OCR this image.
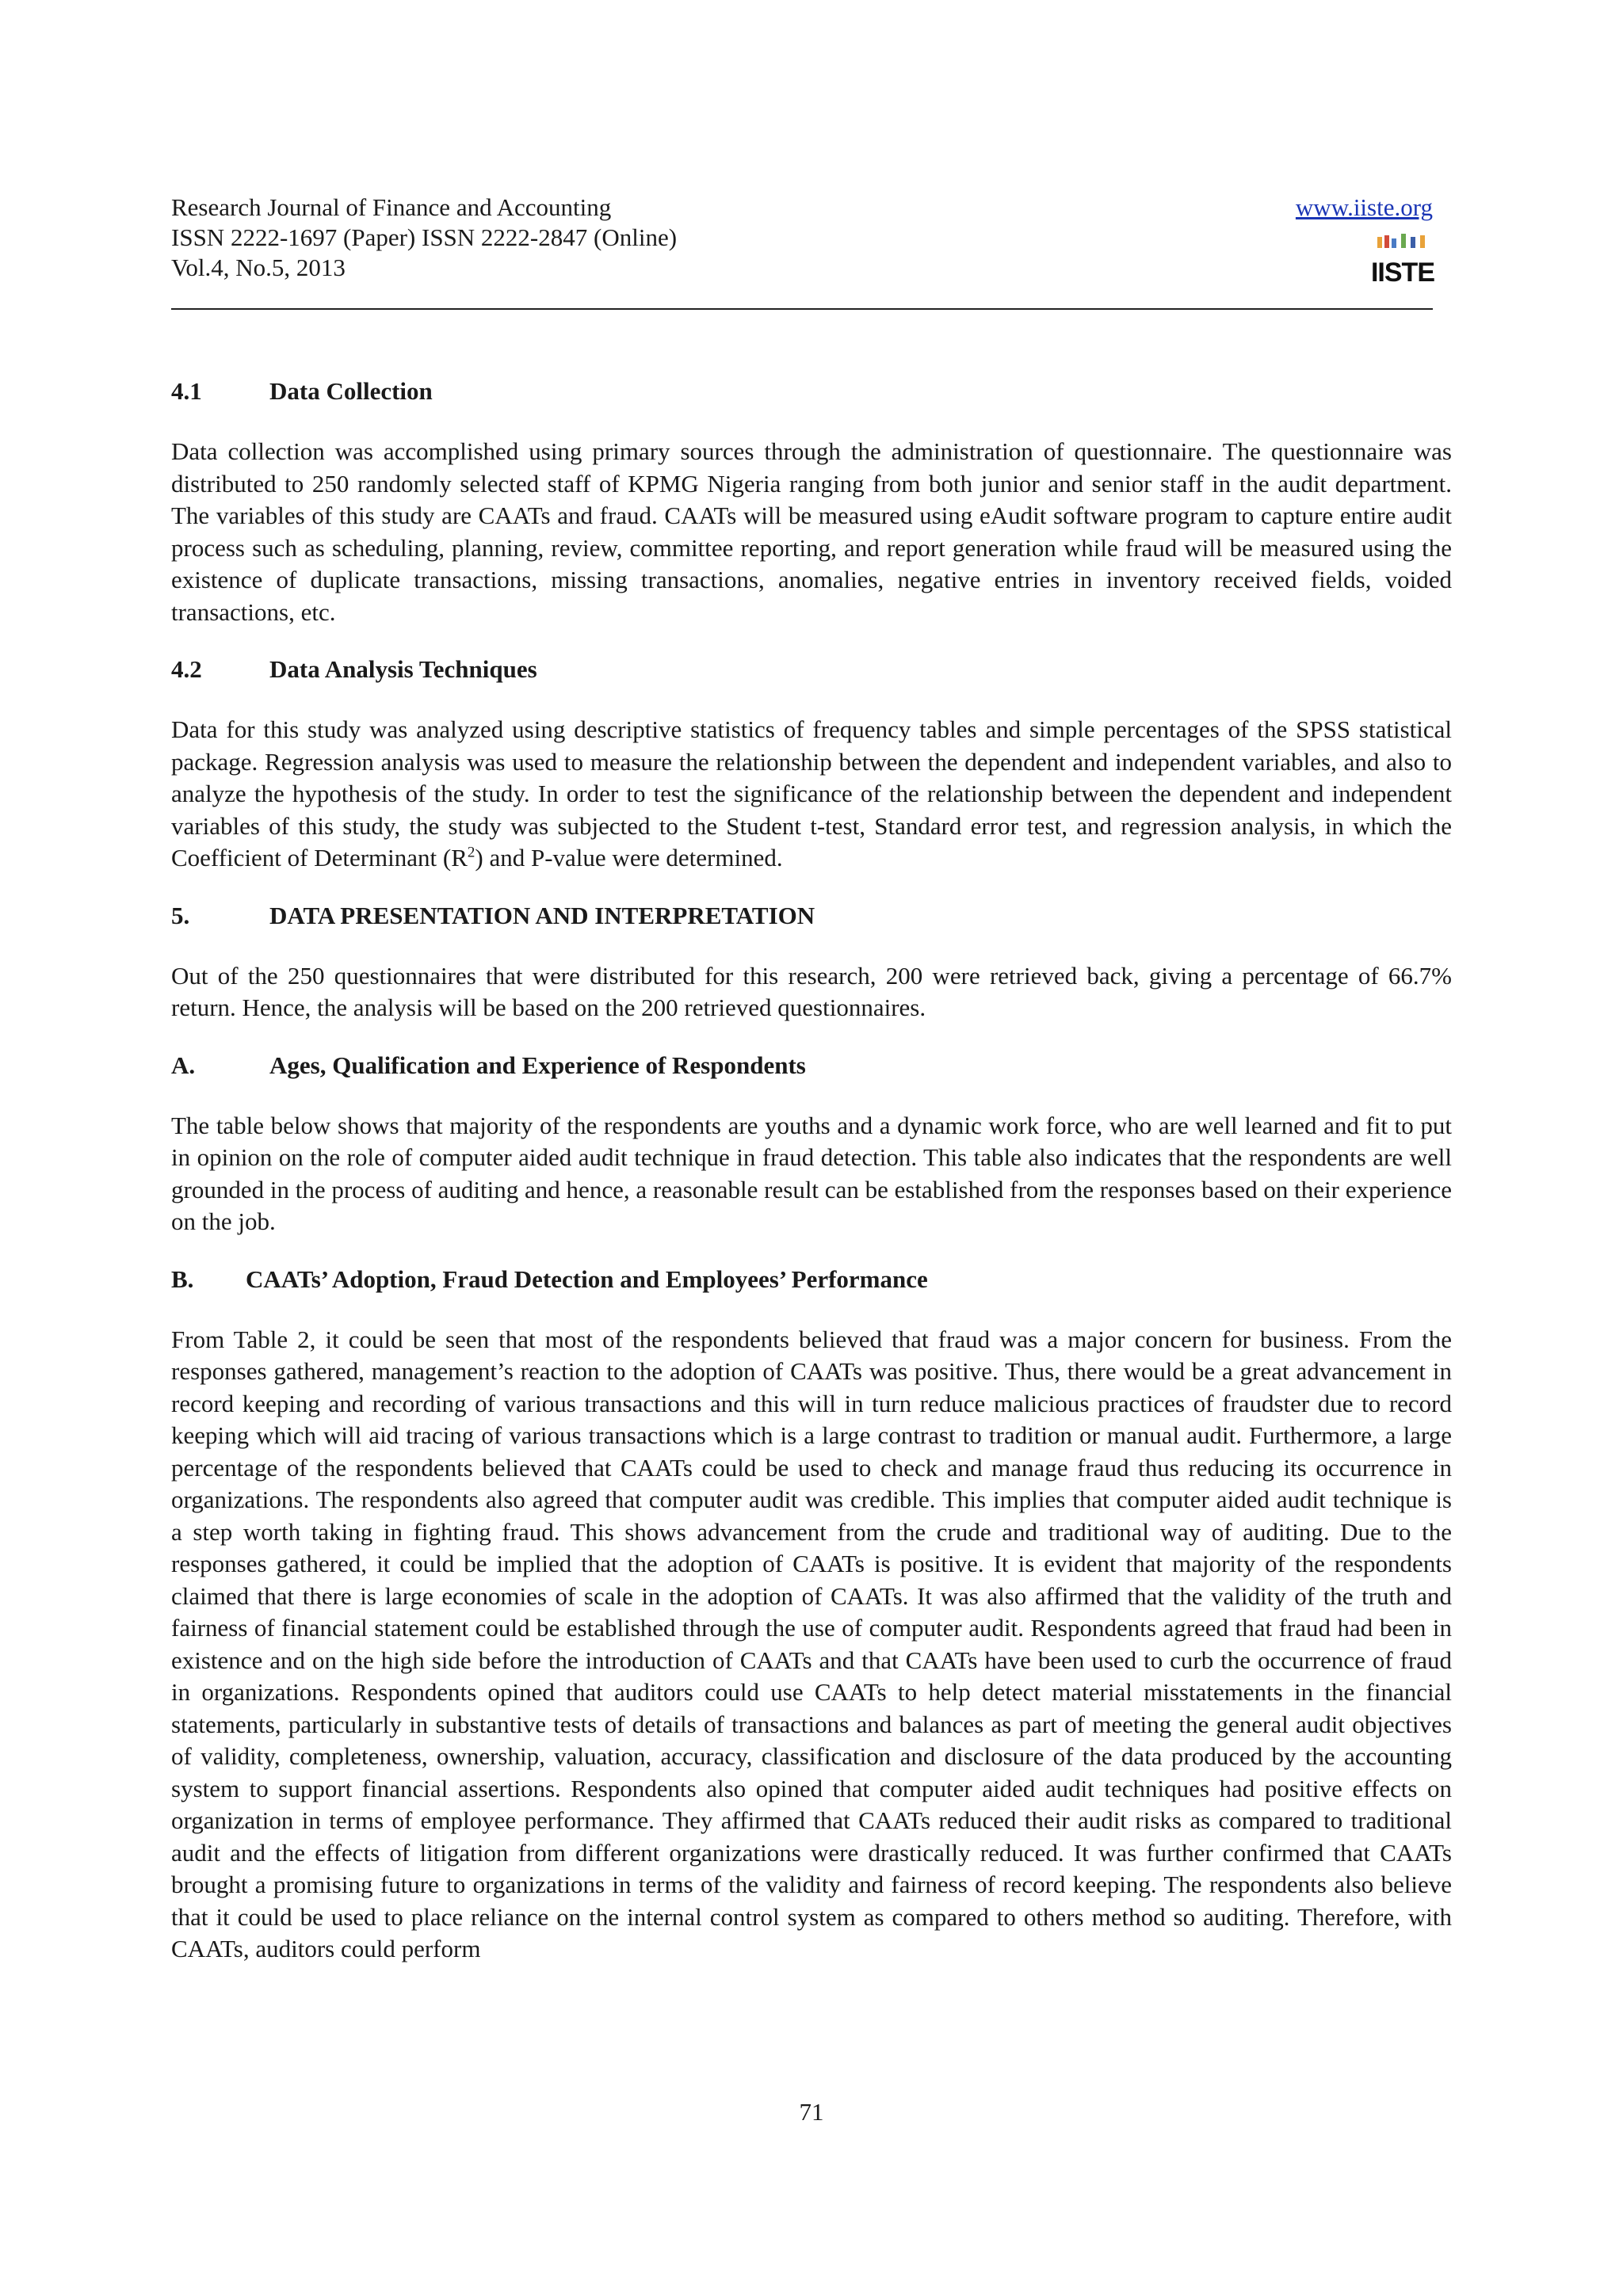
Research Journal of Finance and Accounting
ISSN 2222-1697 (Paper) ISSN 2222-2847 (Online)
Vol.4, No.5, 2013
www.iiste.org
IISTE
4.1	Data Collection

Data collection was accomplished using primary sources through the administration of questionnaire. The questionnaire was distributed to 250 randomly selected staff of KPMG Nigeria ranging from both junior and senior staff in the audit department. The variables of this study are CAATs and fraud. CAATs will be measured using eAudit software program to capture entire audit process such as scheduling, planning, review, committee reporting, and report generation while fraud will be measured using the existence of duplicate transactions, missing transactions, anomalies, negative entries in inventory received fields, voided transactions, etc.

4.2	Data Analysis Techniques

Data for this study was analyzed using descriptive statistics of frequency tables and simple percentages of the SPSS statistical package. Regression analysis was used to measure the relationship between the dependent and independent variables, and also to analyze the hypothesis of the study. In order to test the significance of the relationship between the dependent and independent variables of this study, the study was subjected to the Student t-test, Standard error test, and regression analysis, in which the Coefficient of Determinant $(R^2)$ and P-value were determined.

5.	DATA PRESENTATION AND INTERPRETATION

Out of the 250 questionnaires that were distributed for this research, 200 were retrieved back, giving a percentage of 66.7% return. Hence, the analysis will be based on the 200 retrieved questionnaires.

A.	Ages, Qualification and Experience of Respondents

The table below shows that majority of the respondents are youths and a dynamic work force, who are well learned and fit to put in opinion on the role of computer aided audit technique in fraud detection. This table also indicates that the respondents are well grounded in the process of auditing and hence, a reasonable result can be established from the responses based on their experience on the job.

B.	CAATs’ Adoption, Fraud Detection and Employees’ Performance

From Table 2, it could be seen that most of the respondents believed that fraud was a major concern for business. From the responses gathered, management’s reaction to the adoption of CAATs was positive. Thus, there would be a great advancement in record keeping and recording of various transactions and this will in turn reduce malicious practices of fraudster due to record keeping which will aid tracing of various transactions which is a large contrast to tradition or manual audit. Furthermore, a large percentage of the respondents believed that CAATs could be used to check and manage fraud thus reducing its occurrence in organizations. The respondents also agreed that computer audit was credible. This implies that computer aided audit technique is a step worth taking in fighting fraud. This shows advancement from the crude and traditional way of auditing. Due to the responses gathered, it could be implied that the adoption of CAATs is positive. It is evident that majority of the respondents claimed that there is large economies of scale in the adoption of CAATs. It was also affirmed that the validity of the truth and fairness of financial statement could be established through the use of computer audit. Respondents agreed that fraud had been in existence and on the high side before the introduction of CAATs and that CAATs have been used to curb the occurrence of fraud in organizations. Respondents opined that auditors could use CAATs to help detect material misstatements in the financial statements, particularly in substantive tests of details of transactions and balances as part of meeting the general audit objectives of validity, completeness, ownership, valuation, accuracy, classification and disclosure of the data produced by the accounting system to support financial assertions. Respondents also opined that computer aided audit techniques had positive effects on organization in terms of employee performance. They affirmed that CAATs reduced their audit risks as compared to traditional audit and the effects of litigation from different organizations were drastically reduced. It was further confirmed that CAATs brought a promising future to organizations in terms of the validity and fairness of record keeping. The respondents also believe that it could be used to place reliance on the internal control system as compared to others method so auditing. Therefore, with CAATs, auditors could perform

71
